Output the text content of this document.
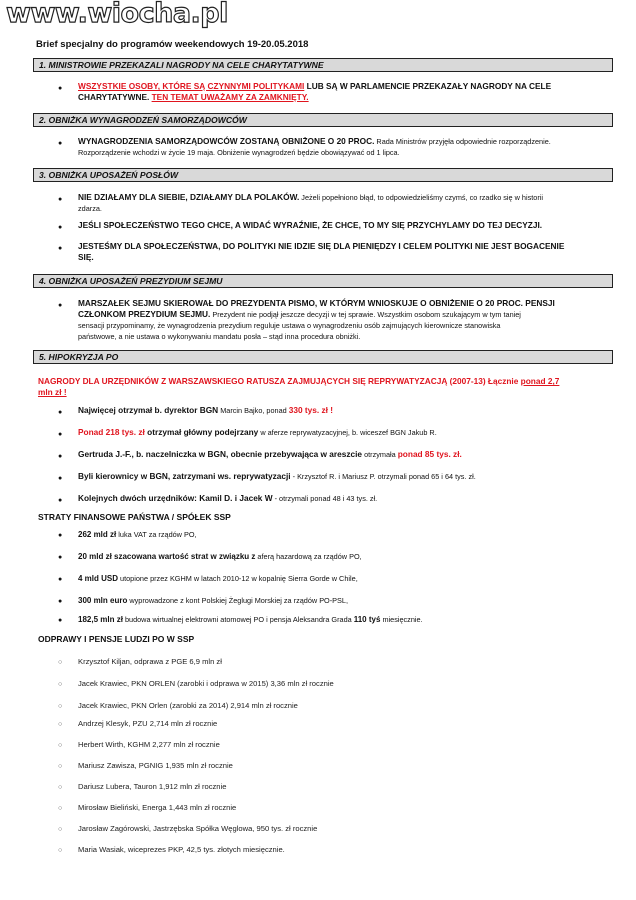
www.wiocha.pl
Brief specjalny do programów weekendowych 19-20.05.2018
1. MINISTROWIE PRZEKAZALI NAGRODY NA CELE CHARYTATYWNE
●	WSZYSTKIE OSOBY, KTÓRE SĄ CZYNNYMI POLITYKAMI LUB SĄ W PARLAMENCIE PRZEKAZAŁY NAGRODY NA CELE
CHARYTATYWNE. TEN TEMAT UWAŻAMY ZA ZAMKNIĘTY.
2. OBNIŻKA WYNAGRODZEŃ SAMORZĄDOWCÓW
●	WYNAGRODZENIA SAMORZĄDOWCÓW ZOSTANĄ OBNIŻONE O 20 PROC. Rada Ministrów przyjęła odpowiednie rozporządzenie.
Rozporządzenie wchodzi w życie 19 maja. Obniżenie wynagrodzeń będzie obowiązywać od 1 lipca.
3. OBNIŻKA UPOSAŻEŃ POSŁÓW
●	NIE DZIAŁAMY DLA SIEBIE, DZIAŁAMY DLA POLAKÓW. Jeżeli popełniono błąd, to odpowiedzieliśmy czymś, co rzadko się w historii
zdarza.
●	JEŚLI SPOŁECZEŃSTWO TEGO CHCE, A WIDAĆ WYRAŹNIE, ŻE CHCE, TO MY SIĘ PRZYCHYLAMY DO TEJ DECYZJI.
●	JESTEŚMY DLA SPOŁECZEŃSTWA, DO POLITYKI NIE IDZIE SIĘ DLA PIENIĘDZY I CELEM POLITYKI NIE JEST BOGACENIE
SIĘ.
4. OBNIŻKA UPOSAŻEŃ PREZYDIUM SEJMU
●	MARSZAŁEK SEJMU SKIEROWAŁ DO PREZYDENTA PISMO, W KTÓRYM WNIOSKUJE O OBNIŻENIE O 20 PROC. PENSJI
CZŁONKOM PREZYDIUM SEJMU. Prezydent nie podjął jeszcze decyzji w tej sprawie. Wszystkim osobom szukającym w tym taniej
sensacji przypominamy, że wynagrodzenia prezydium reguluje ustawa o wynagrodzeniu osób zajmujących kierownicze stanowiska
państwowe, a nie ustawa o wykonywaniu mandatu posła – stąd inna procedura obniżki.
5. HIPOKRYZJA PO
NAGRODY DLA URZĘDNIKÓW Z WARSZAWSKIEGO RATUSZA ZAJMUJĄCYCH SIĘ REPRYWATYZACJĄ (2007-13) Łącznie ponad 2,7
mln zł !
●	Najwięcej otrzymał b. dyrektor BGN Marcin Bajko, ponad 330 tys. zł !
●	Ponad 218 tys. zł otrzymał główny podejrzany w aferze reprywatyzacyjnej, b. wiceszef BGN Jakub R.
●	Gertruda J.-F., b. naczelniczka w BGN, obecnie przebywająca w areszcie otrzymała ponad 85 tys. zł.
●	Byli kierownicy w BGN, zatrzymani ws. reprywatyzacji - Krzysztof R. i Mariusz P. otrzymali ponad 65 i 64 tys. zł.
●	Kolejnych dwóch urzędników: Kamil D. i Jacek W - otrzymali ponad 48 i 43 tys. zł.
STRATY FINANSOWE PAŃSTWA / SPÓŁEK SSP
● 262 mld zł luka VAT za rządów PO,
● 20 mld zł szacowana wartość strat w związku z aferą hazardową za rządów PO,
● 4 mld USD utopione przez KGHM w latach 2010-12 w kopalnię Sierra Gorde w Chile,
● 300 mln euro wyprowadzone z kont Polskiej Żeglugi Morskiej za rządów PO-PSL,
● 182,5 mln zł budowa wirtualnej elektrowni atomowej PO i pensja Aleksandra Grada 110 tyś miesięcznie.
ODPRAWY I PENSJE LUDZI PO W SSP
○ Krzysztof Kiljan, odprawa z PGE 6,9 mln zł
○ Jacek Krawiec, PKN ORLEN (zarobki i odprawa w 2015) 3,36 mln zł rocznie
○ Jacek Krawiec, PKN Orlen (zarobki za 2014) 2,914 mln zł rocznie
○ Andrzej Klesyk, PZU 2,714 mln zł rocznie
○ Herbert Wirth, KGHM 2,277 mln zł rocznie
○ Mariusz Zawisza, PGNIG 1,935 mln zł rocznie
○ Dariusz Lubera, Tauron 1,912 mln zł rocznie
○ Mirosław Bieliński, Energa 1,443 mln zł rocznie
○ Jarosław Zagórowski, Jastrzębska Spółka Węglowa, 950 tys. zł rocznie
○ Maria Wasiak, wiceprezes PKP, 42,5 tys. złotych miesięcznie.
